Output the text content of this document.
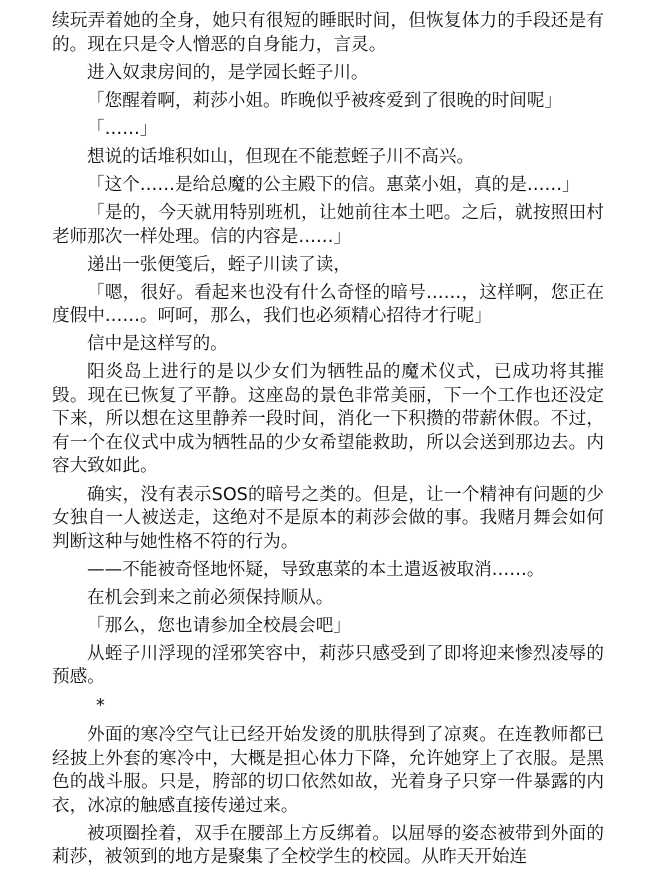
续玩弄着她的全身，她只有很短的睡眠时间，但恢复体力的手段还是有的。现在只是令人憎恶的自身能力，言灵。

进入奴隶房间的，是学园长蛭子川。

「您醒着啊，莉莎小姐。昨晚似乎被疼爱到了很晚的时间呢」

「……」

想说的话堆积如山，但现在不能惹蛭子川不高兴。

「这个……是给总魔的公主殿下的信。惠菜小姐，真的是……」

「是的，今天就用特别班机，让她前往本土吧。之后，就按照田村老师那次一样处理。信的内容是……」

递出一张便笺后，蛭子川读了读，

「嗯，很好。看起来也没有什么奇怪的暗号……，这样啊，您正在度假中……。呵呵，那么，我们也必须精心招待才行呢」

信中是这样写的。

阳炎岛上进行的是以少女们为牺牲品的魔术仪式，已成功将其摧毁。现在已恢复了平静。这座岛的景色非常美丽，下一个工作也还没定下来，所以想在这里静养一段时间，消化一下积攒的带薪休假。不过，有一个在仪式中成为牺牲品的少女希望能救助，所以会送到那边去。内容大致如此。

确实，没有表示SOS的暗号之类的。但是，让一个精神有问题的少女独自一人被送走，这绝对不是原本的莉莎会做的事。我赌月舞会如何判断这种与她性格不符的行为。

——不能被奇怪地怀疑，导致惠菜的本土遣返被取消……。

在机会到来之前必须保持顺从。

「那么，您也请参加全校晨会吧」

从蛭子川浮现的淫邪笑容中，莉莎只感受到了即将迎来惨烈凌辱的预感。

*

外面的寒冷空气让已经开始发烫的肌肤得到了凉爽。在连教师都已经披上外套的寒冷中，大概是担心体力下降，允许她穿上了衣服。是黑色的战斗服。只是，胯部的切口依然如故，光着身子只穿一件暴露的内衣，冰凉的触感直接传递过来。

被项圈拴着，双手在腰部上方反绑着。以屈辱的姿态被带到外面的莉莎，被领到的地方是聚集了全校学生的校园。从昨天开始连
